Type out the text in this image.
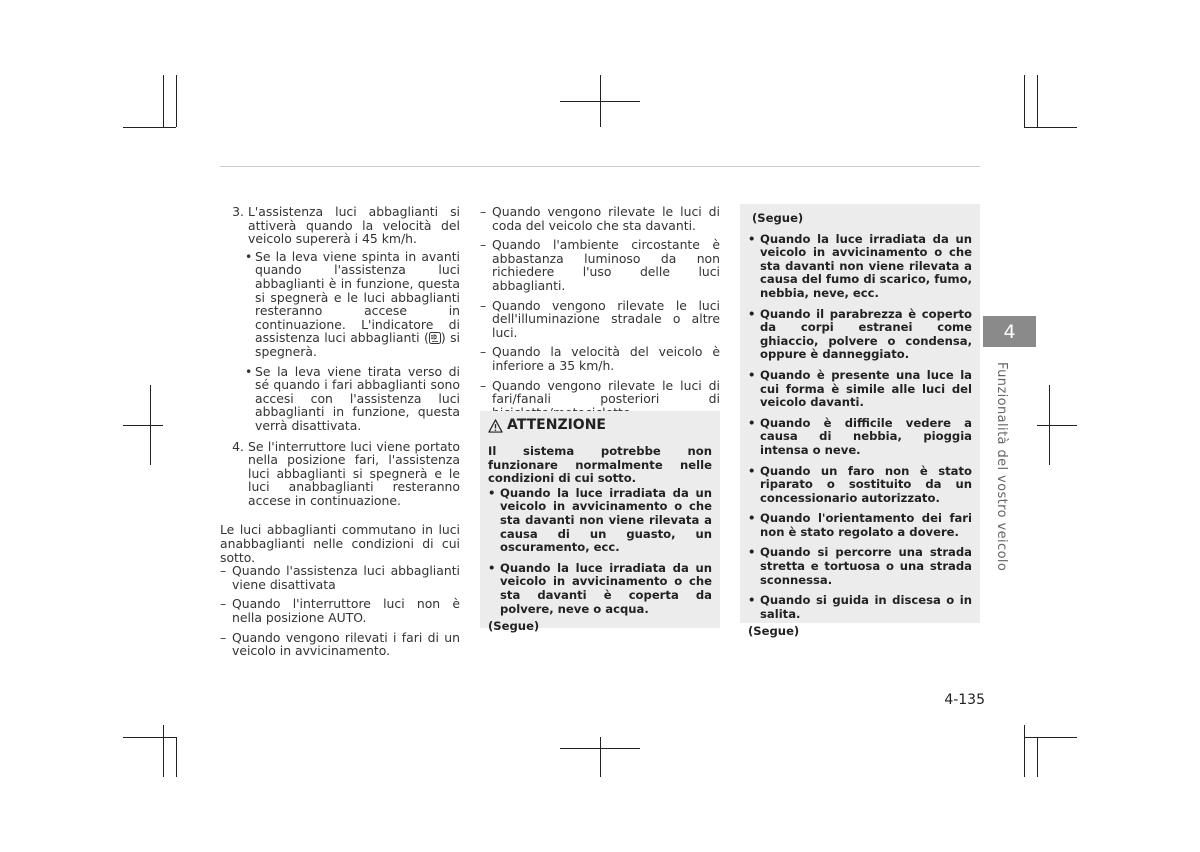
3. L'assistenza luci abbaglianti si attiverà quando la velocità del veicolo supererà i 45 km/h.
• Se la leva viene spinta in avanti quando l'assistenza luci abbaglianti è in funzione, questa si spegnerà e le luci abbaglianti resteranno accese in continuazione. L'indicatore di assistenza luci abbaglianti ( ) si spegnerà.
• Se la leva viene tirata verso di sé quando i fari abbaglianti sono accesi con l'assistenza luci abbaglianti in funzione, questa verrà disattivata.
4. Se l'interruttore luci viene portato nella posizione fari, l'assistenza luci abbaglianti si spegnerà e le luci anabbaglianti resteranno accese in continuazione.

Le luci abbaglianti commutano in luci anabbaglianti nelle condizioni di cui sotto.

– Quando l'assistenza luci abbaglianti viene disattivata
– Quando l'interruttore luci non è nella posizione AUTO.
– Quando vengono rilevati i fari di un veicolo in avvicinamento.
– Quando vengono rilevate le luci di coda del veicolo che sta davanti.
– Quando l'ambiente circostante è abbastanza luminoso da non richiedere l'uso delle luci abbaglianti.
– Quando vengono rilevate le luci dell'illuminazione stradale o altre luci.
– Quando la velocità del veicolo è inferiore a 35 km/h.
– Quando vengono rilevate le luci di fari/fanali posteriori di
ATTENZIONE

Il sistema potrebbe non funzionare normalmente nelle condizioni di cui sotto.

• Quando la luce irradiata da un veicolo in avvicinamento o che sta davanti non viene rilevata a causa di un guasto, un oscuramento, ecc.
• Quando la luce irradiata da un veicolo in avvicinamento o che sta davanti è coperta da polvere, neve o acqua.

(Segue)

(Segue)

• Quando la luce irradiata da un veicolo in avvicinamento o che sta davanti non viene rilevata a causa del fumo di scarico, fumo, nebbia, neve, ecc.
• Quando il parabrezza è coperto da corpi estranei come ghiaccio, polvere o condensa, oppure è danneggiato.
• Quando è presente una luce la cui forma è simile alle luci del veicolo davanti.
• Quando è difficile vedere a causa di nebbia, pioggia intensa o neve.
• Quando un faro non è stato riparato o sostituito da un concessionario autorizzato.
• Quando l'orientamento dei fari non è stato regolato a dovere.
• Quando si percorre una strada stretta e tortuosa o una strada sconnessa.
• Quando si guida in discesa o in salita.

(Segue)

4
Funzionalità del vostro veicolo
4-135
